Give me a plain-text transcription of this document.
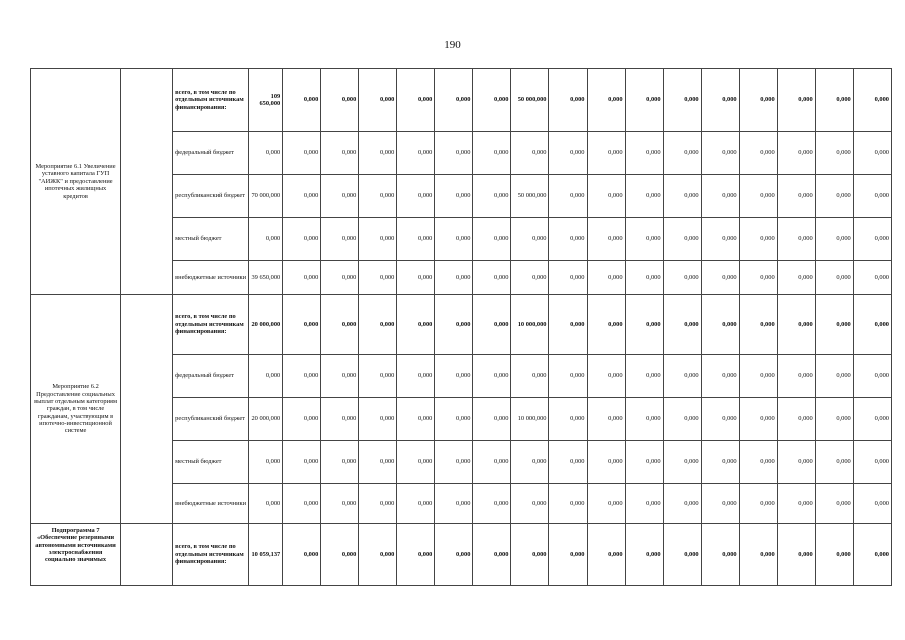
190
Мероприятие 6.1 Увеличение уставного капитала ГУП "АИЖК" и предоставление ипотечных жилищных кредитов		всего, в том числе по отдельным источникам финансирования:	109 650,000	0,000	0,000	0,000	0,000	0,000	0,000	50 000,000	0,000	0,000	0,000	0,000	0,000	0,000	0,000	0,000	0,000
		федеральный бюджет	0,000	0,000	0,000	0,000	0,000	0,000	0,000	0,000	0,000	0,000	0,000	0,000	0,000	0,000	0,000	0,000	0,000
		республиканский бюджет	70 000,000	0,000	0,000	0,000	0,000	0,000	0,000	50 000,000	0,000	0,000	0,000	0,000	0,000	0,000	0,000	0,000	0,000
		местный бюджет	0,000	0,000	0,000	0,000	0,000	0,000	0,000	0,000	0,000	0,000	0,000	0,000	0,000	0,000	0,000	0,000	0,000
		внебюджетные источники	39 650,000	0,000	0,000	0,000	0,000	0,000	0,000	0,000	0,000	0,000	0,000	0,000	0,000	0,000	0,000	0,000	0,000
Мероприятие 6.2 Предоставление социальных выплат отдельным категориям граждан, в том числе гражданам, участвующим в ипотечно-инвестиционной системе		всего, в том числе по отдельным источникам финансирования:	20 000,000	0,000	0,000	0,000	0,000	0,000	0,000	10 000,000	0,000	0,000	0,000	0,000	0,000	0,000	0,000	0,000	0,000
		федеральный бюджет	0,000	0,000	0,000	0,000	0,000	0,000	0,000	0,000	0,000	0,000	0,000	0,000	0,000	0,000	0,000	0,000	0,000
		республиканский бюджет	20 000,000	0,000	0,000	0,000	0,000	0,000	0,000	10 000,000	0,000	0,000	0,000	0,000	0,000	0,000	0,000	0,000	0,000
		местный бюджет	0,000	0,000	0,000	0,000	0,000	0,000	0,000	0,000	0,000	0,000	0,000	0,000	0,000	0,000	0,000	0,000	0,000
		внебюджетные источники	0,000	0,000	0,000	0,000	0,000	0,000	0,000	0,000	0,000	0,000	0,000	0,000	0,000	0,000	0,000	0,000	0,000
Подпрограмма 7 «Обеспечение резервными автономными источниками электроснабжения социально значимых		всего, в том числе по отдельным источникам финансирования:	10 059,137	0,000	0,000	0,000	0,000	0,000	0,000	0,000	0,000	0,000	0,000	0,000	0,000	0,000	0,000	0,000	0,000
